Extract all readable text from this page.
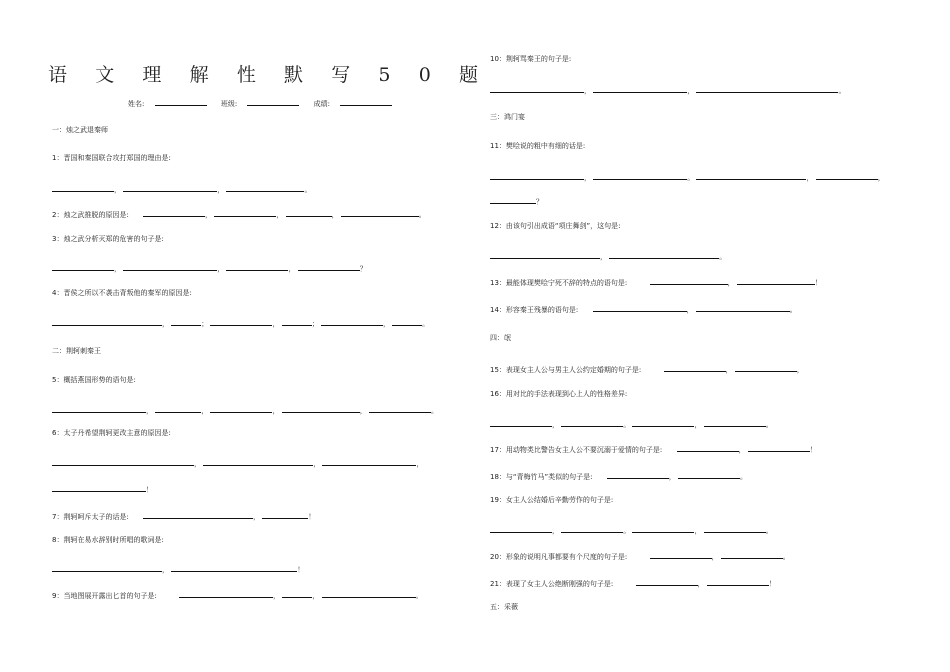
语 文 理 解 性 默 写 5 0 题
姓名:	班级:	成绩:
一：烛之武退秦师
1：晋国和秦国联合攻打郑国的理由是:
，	，	。
2：烛之武推脱的原因是:	，	，	，	。
3：烛之武分析灭郑的危害的句子是:
，	，	，	？
4：晋侯之所以不袭击背叛他的秦军的原因是:
，	；	，	；	，	。
二：荆轲刺秦王
5：概括燕国形势的语句是:
，	，	，	，	。
6：太子丹希望荆轲更改主意的原因是:
，	，	，
！
7：荆轲呵斥太子的话是:	，	！
8：荆轲在易水辞别时所唱的歌词是:
，	！
9：当地图展开露出匕首的句子是:	，	，	。
10：荆轲骂秦王的句子是:
，	，	。
三：鸿门宴
11：樊哙说的粗中有细的话是:
，	。	，	，
？
12：由该句引出成语“项庄舞剑”，这句是:
，	。
13：最能体现樊哙宁死不辞的特点的语句是:	，	！
14：形容秦王残暴的语句是:	，	。
四：氓
15：表现女主人公与男主人公约定婚期的句子是:	，	，
16：用对比的手法表现到心上人的性格差异:
，	。	，	。
17：用动物类比警告女主人公不要沉溺于爱情的句子是:	，	！
18：与“青梅竹马”类似的句子是:	，	。
19：女主人公结婚后辛勤劳作的句子是:
，	。	，	。
20：形象的说明凡事都要有个尺度的句子是:	，	。
21：表现了女主人公绝断刚强的句子是:	，	！
五：采薇
